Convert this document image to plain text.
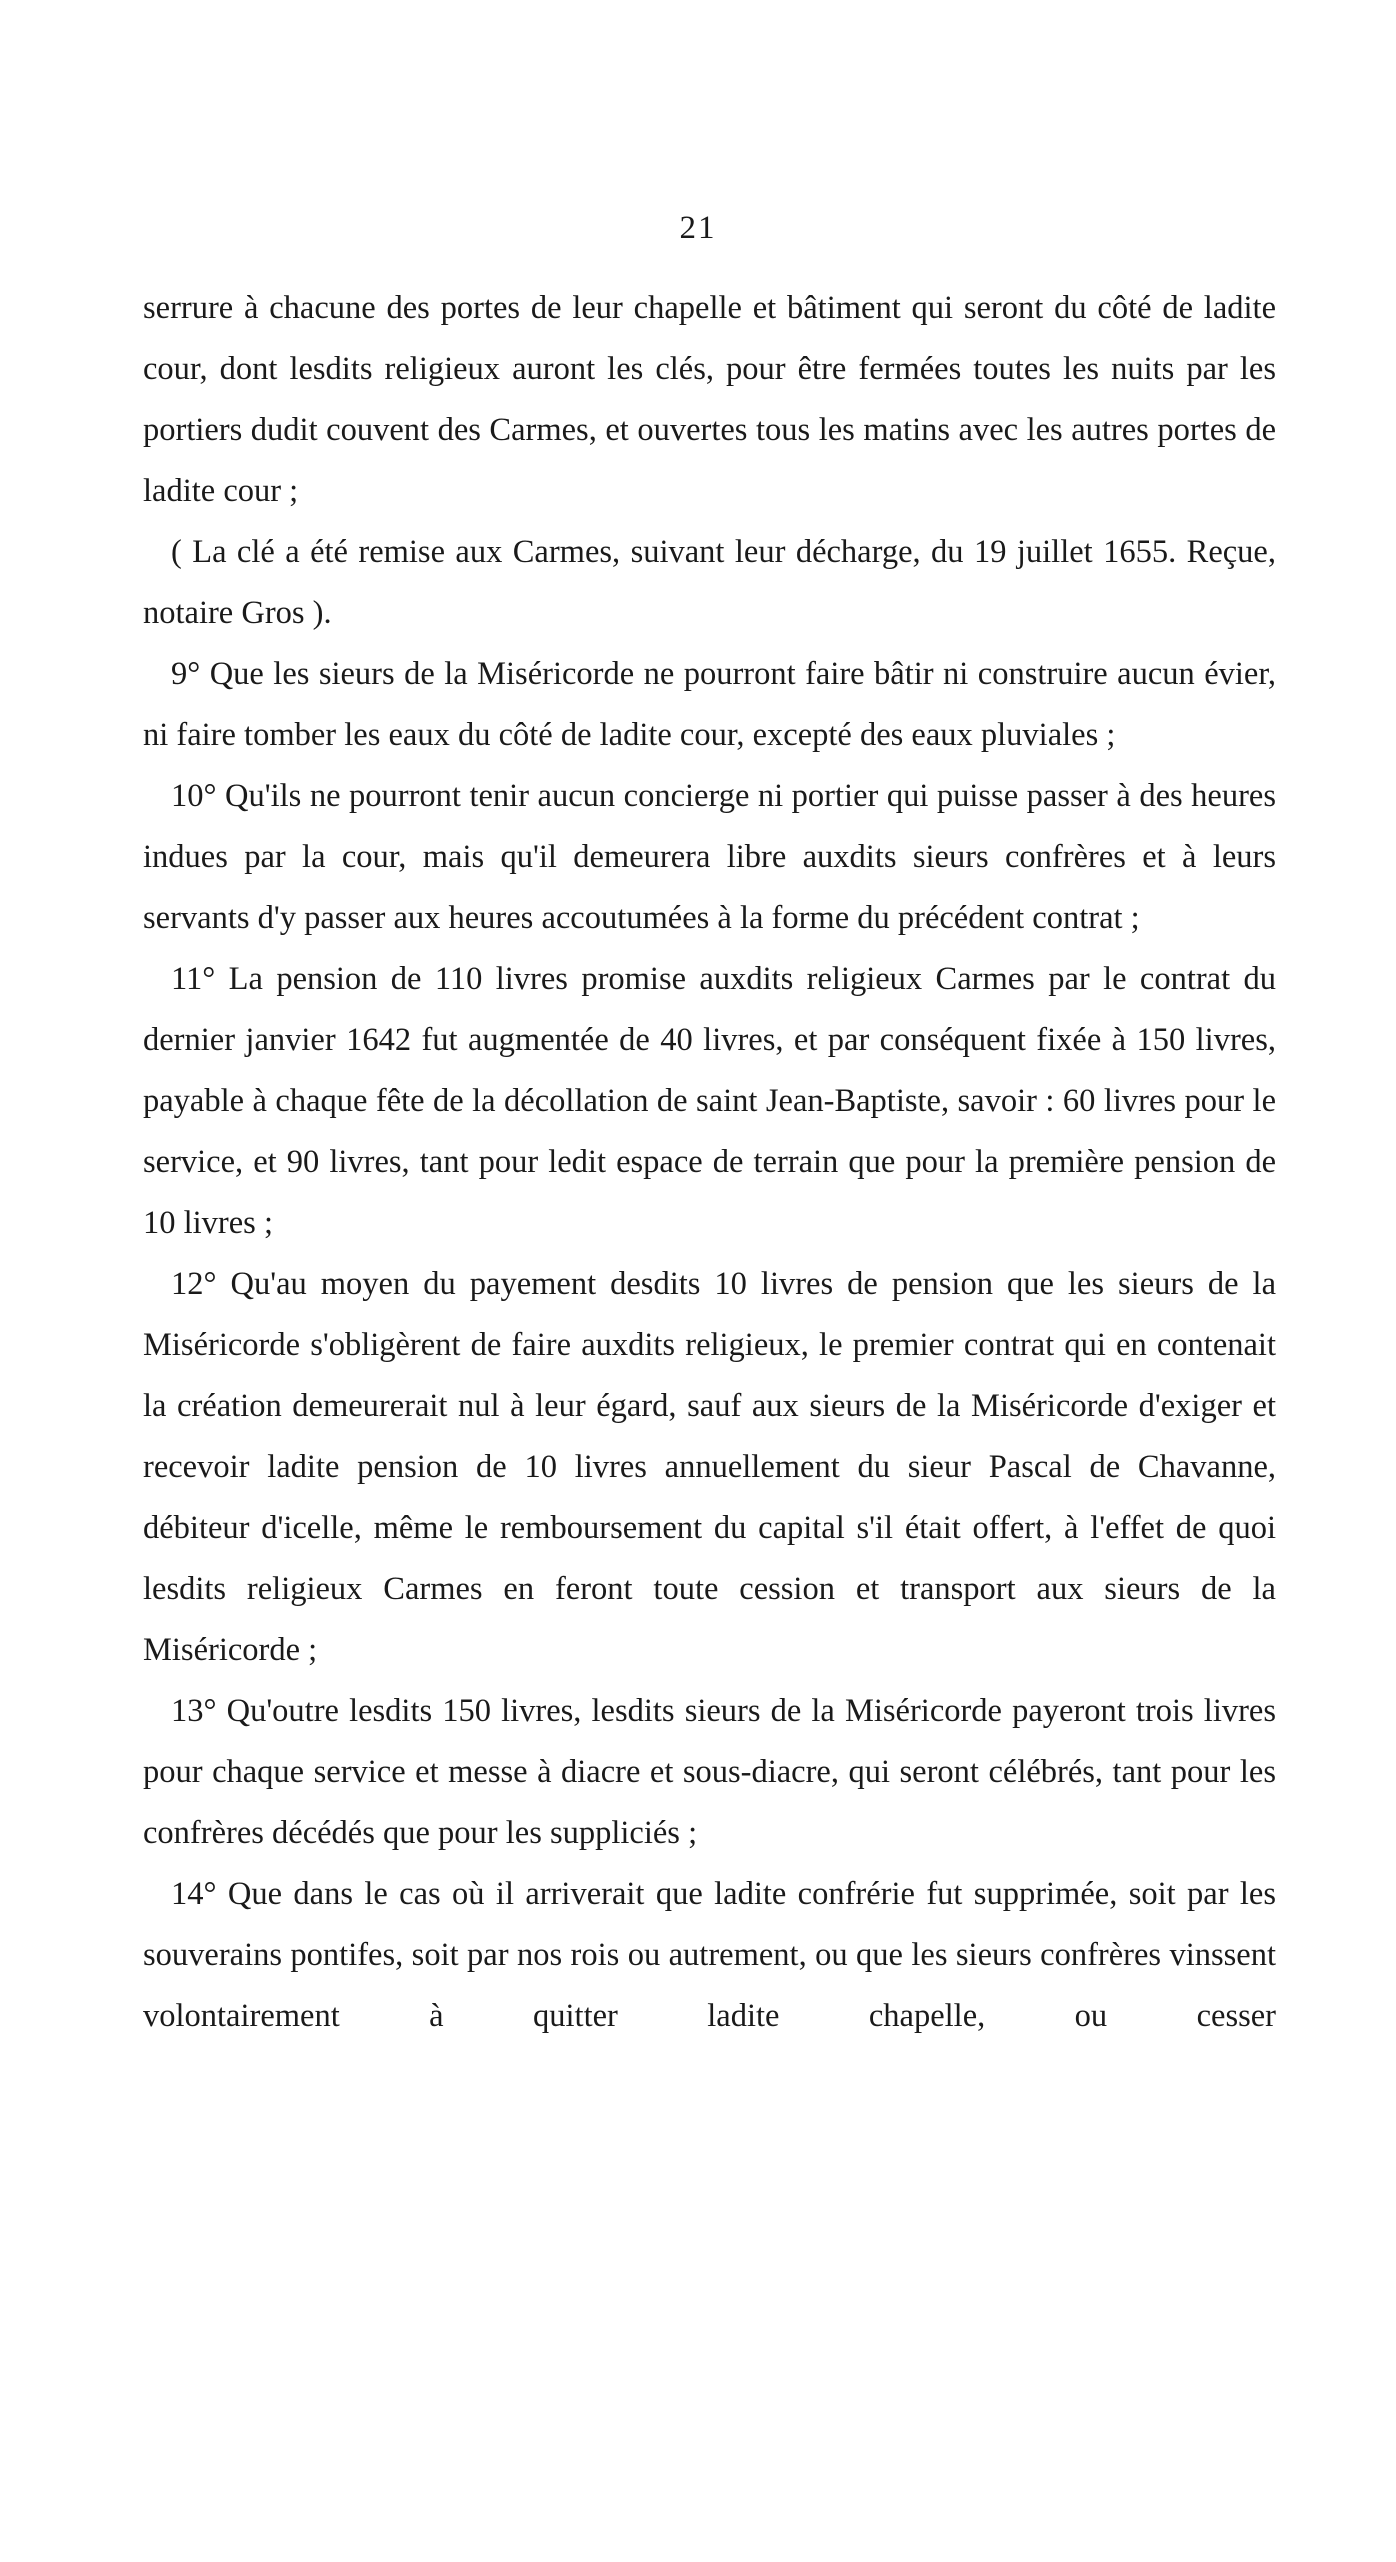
21

serrure à chacune des portes de leur chapelle et bâtiment qui seront du côté de ladite cour, dont lesdits religieux auront les clés, pour être fermées toutes les nuits par les portiers dudit couvent des Carmes, et ouvertes tous les matins avec les autres portes de ladite cour ;

( La clé a été remise aux Carmes, suivant leur décharge, du 19 juillet 1655. Reçue, notaire Gros ).

9° Que les sieurs de la Miséricorde ne pourront faire bâtir ni construire aucun évier, ni faire tomber les eaux du côté de ladite cour, excepté des eaux pluviales ;

10° Qu'ils ne pourront tenir aucun concierge ni portier qui puisse passer à des heures indues par la cour, mais qu'il demeurera libre auxdits sieurs confrères et à leurs servants d'y passer aux heures accoutumées à la forme du précédent contrat ;

11° La pension de 110 livres promise auxdits religieux Carmes par le contrat du dernier janvier 1642 fut augmentée de 40 livres, et par conséquent fixée à 150 livres, payable à chaque fête de la décollation de saint Jean-Baptiste, savoir : 60 livres pour le service, et 90 livres, tant pour ledit espace de terrain que pour la première pension de 10 livres ;

12° Qu'au moyen du payement desdits 10 livres de pension que les sieurs de la Miséricorde s'obligèrent de faire auxdits religieux, le premier contrat qui en contenait la création demeurerait nul à leur égard, sauf aux sieurs de la Miséricorde d'exiger et recevoir ladite pension de 10 livres annuellement du sieur Pascal de Chavanne, débiteur d'icelle, même le remboursement du capital s'il était offert, à l'effet de quoi lesdits religieux Carmes en feront toute cession et transport aux sieurs de la Miséricorde ;

13° Qu'outre lesdits 150 livres, lesdits sieurs de la Miséricorde payeront trois livres pour chaque service et messe à diacre et sous-diacre, qui seront célébrés, tant pour les confrères décédés que pour les suppliciés ;

14° Que dans le cas où il arriverait que ladite confrérie fut supprimée, soit par les souverains pontifes, soit par nos rois ou autrement, ou que les sieurs confrères vinssent volontairement à quitter ladite chapelle, ou cesser
